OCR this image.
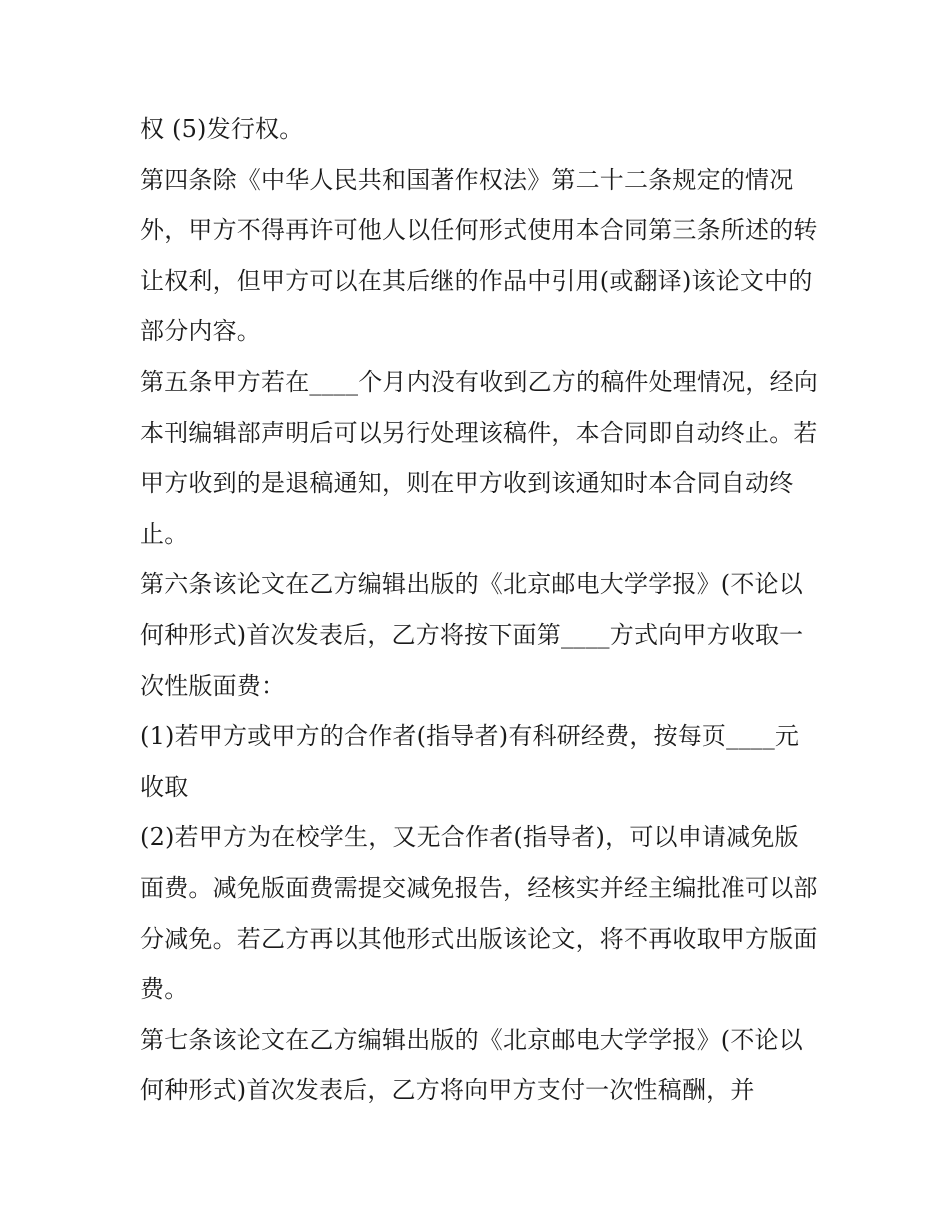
权 (5)发行权。

第四条除《中华人民共和国著作权法》第二十二条规定的情况外，甲方不得再许可他人以任何形式使用本合同第三条所述的转让权利，但甲方可以在其后继的作品中引用(或翻译)该论文中的部分内容。

第五条甲方若在____个月内没有收到乙方的稿件处理情况，经向本刊编辑部声明后可以另行处理该稿件，本合同即自动终止。若甲方收到的是退稿通知，则在甲方收到该通知时本合同自动终止。

第六条该论文在乙方编辑出版的《北京邮电大学学报》(不论以何种形式)首次发表后，乙方将按下面第____方式向甲方收取一次性版面费：

(1)若甲方或甲方的合作者(指导者)有科研经费，按每页____元收取

(2)若甲方为在校学生，又无合作者(指导者)，可以申请减免版面费。减免版面费需提交减免报告，经核实并经主编批准可以部分减免。若乙方再以其他形式出版该论文，将不再收取甲方版面费。

第七条该论文在乙方编辑出版的《北京邮电大学学报》(不论以何种形式)首次发表后，乙方将向甲方支付一次性稿酬，并
